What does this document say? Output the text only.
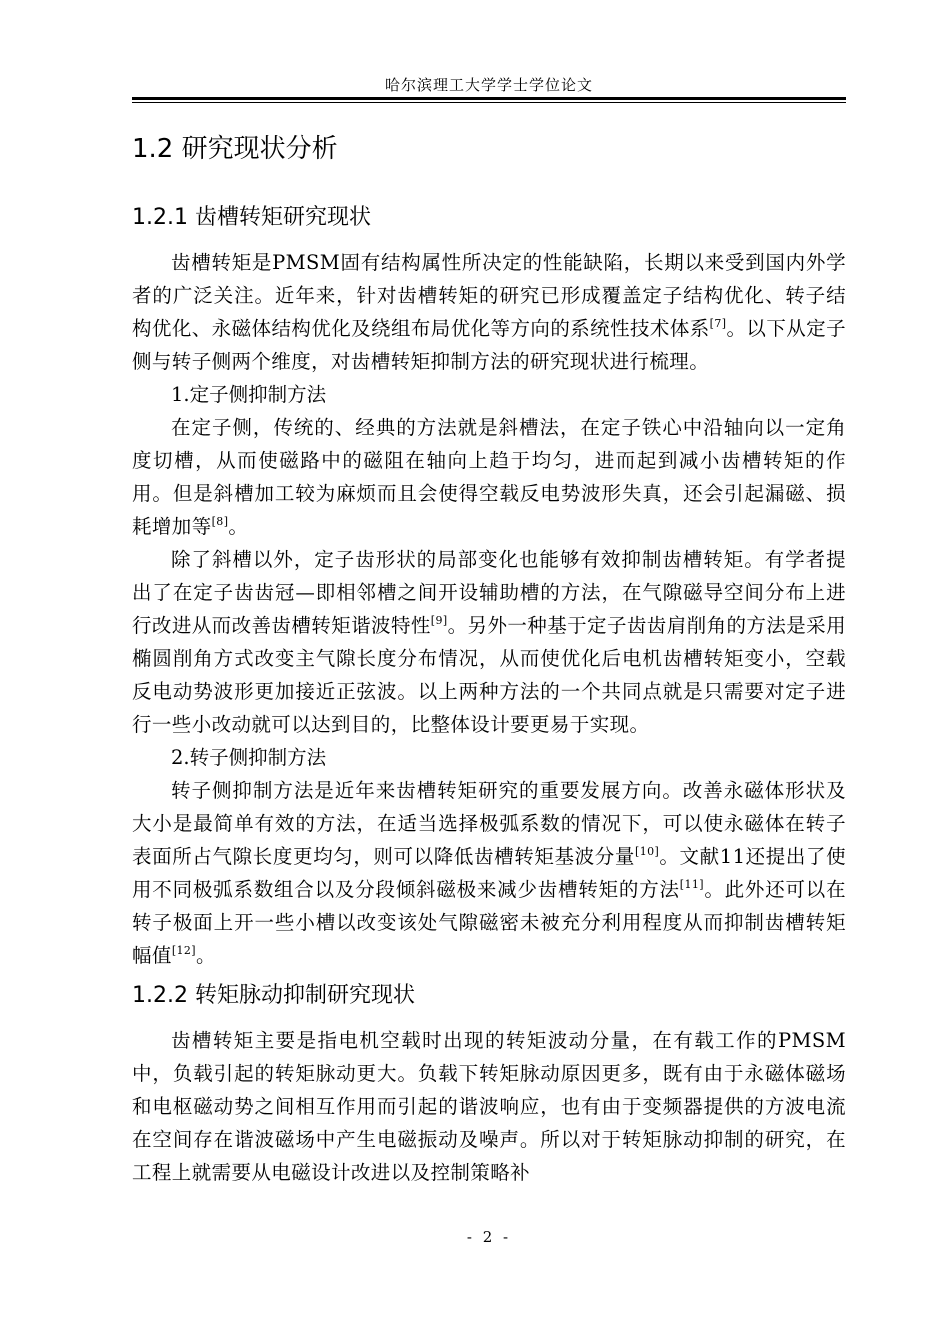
哈尔滨理工大学学士学位论文
1.2 研究现状分析
1.2.1 齿槽转矩研究现状

齿槽转矩是PMSM固有结构属性所决定的性能缺陷，长期以来受到国内外学者的广泛关注。近年来，针对齿槽转矩的研究已形成覆盖定子结构优化、转子结构优化、永磁体结构优化及绕组布局优化等方向的系统性技术体系[7]。以下从定子侧与转子侧两个维度，对齿槽转矩抑制方法的研究现状进行梳理。

1.定子侧抑制方法

在定子侧，传统的、经典的方法就是斜槽法，在定子铁心中沿轴向以一定角度切槽，从而使磁路中的磁阻在轴向上趋于均匀，进而起到减小齿槽转矩的作用。但是斜槽加工较为麻烦而且会使得空载反电势波形失真，还会引起漏磁、损耗增加等[8]。

除了斜槽以外，定子齿形状的局部变化也能够有效抑制齿槽转矩。有学者提出了在定子齿齿冠—即相邻槽之间开设辅助槽的方法，在气隙磁导空间分布上进行改进从而改善齿槽转矩谐波特性[9]。另外一种基于定子齿齿肩削角的方法是采用椭圆削角方式改变主气隙长度分布情况，从而使优化后电机齿槽转矩变小，空载反电动势波形更加接近正弦波。以上两种方法的一个共同点就是只需要对定子进行一些小改动就可以达到目的，比整体设计要更易于实现。

2.转子侧抑制方法

转子侧抑制方法是近年来齿槽转矩研究的重要发展方向。改善永磁体形状及大小是最简单有效的方法，在适当选择极弧系数的情况下，可以使永磁体在转子表面所占气隙长度更均匀，则可以降低齿槽转矩基波分量[10]。文献11还提出了使用不同极弧系数组合以及分段倾斜磁极来减少齿槽转矩的方法[11]。此外还可以在转子极面上开一些小槽以改变该处气隙磁密未被充分利用程度从而抑制齿槽转矩幅值[12]。

1.2.2 转矩脉动抑制研究现状

齿槽转矩主要是指电机空载时出现的转矩波动分量，在有载工作的PMSM中，负载引起的转矩脉动更大。负载下转矩脉动原因更多，既有由于永磁体磁场和电枢磁动势之间相互作用而引起的谐波响应，也有由于变频器提供的方波电流在空间存在谐波磁场中产生电磁振动及噪声。所以对于转矩脉动抑制的研究，在工程上就需要从电磁设计改进以及控制策略补

- 2 -
